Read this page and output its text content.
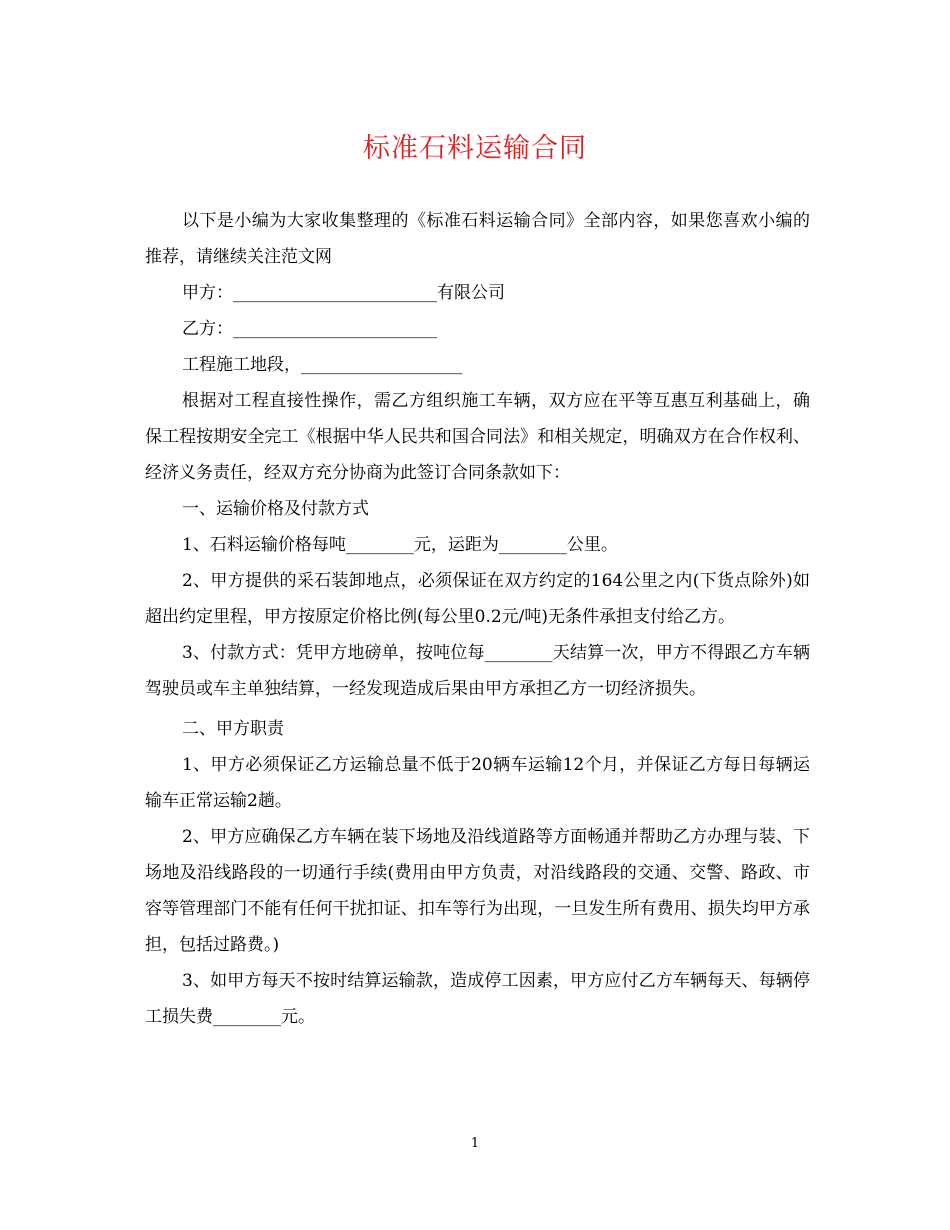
标准石料运输合同

以下是小编为大家收集整理的《标准石料运输合同》全部内容，如果您喜欢小编的推荐，请继续关注范文网

甲方：________________________有限公司

乙方：________________________

工程施工地段，___________________

根据对工程直接性操作，需乙方组织施工车辆，双方应在平等互惠互利基础上，确保工程按期安全完工《根据中华人民共和国合同法》和相关规定，明确双方在合作权利、经济义务责任，经双方充分协商为此签订合同条款如下：

一、运输价格及付款方式

1、石料运输价格每吨________元，运距为________公里。

2、甲方提供的采石装卸地点，必须保证在双方约定的164公里之内(下货点除外)如超出约定里程，甲方按原定价格比例(每公里0.2元/吨)无条件承担支付给乙方。

3、付款方式：凭甲方地磅单，按吨位每________天结算一次，甲方不得跟乙方车辆驾驶员或车主单独结算，一经发现造成后果由甲方承担乙方一切经济损失。

二、甲方职责

1、甲方必须保证乙方运输总量不低于20辆车运输12个月，并保证乙方每日每辆运输车正常运输2趟。

2、甲方应确保乙方车辆在装下场地及沿线道路等方面畅通并帮助乙方办理与装、下场地及沿线路段的一切通行手续(费用由甲方负责，对沿线路段的交通、交警、路政、市容等管理部门不能有任何干扰扣证、扣车等行为出现，一旦发生所有费用、损失均甲方承担，包括过路费。)

3、如甲方每天不按时结算运输款，造成停工因素，甲方应付乙方车辆每天、每辆停工损失费________元。

1
